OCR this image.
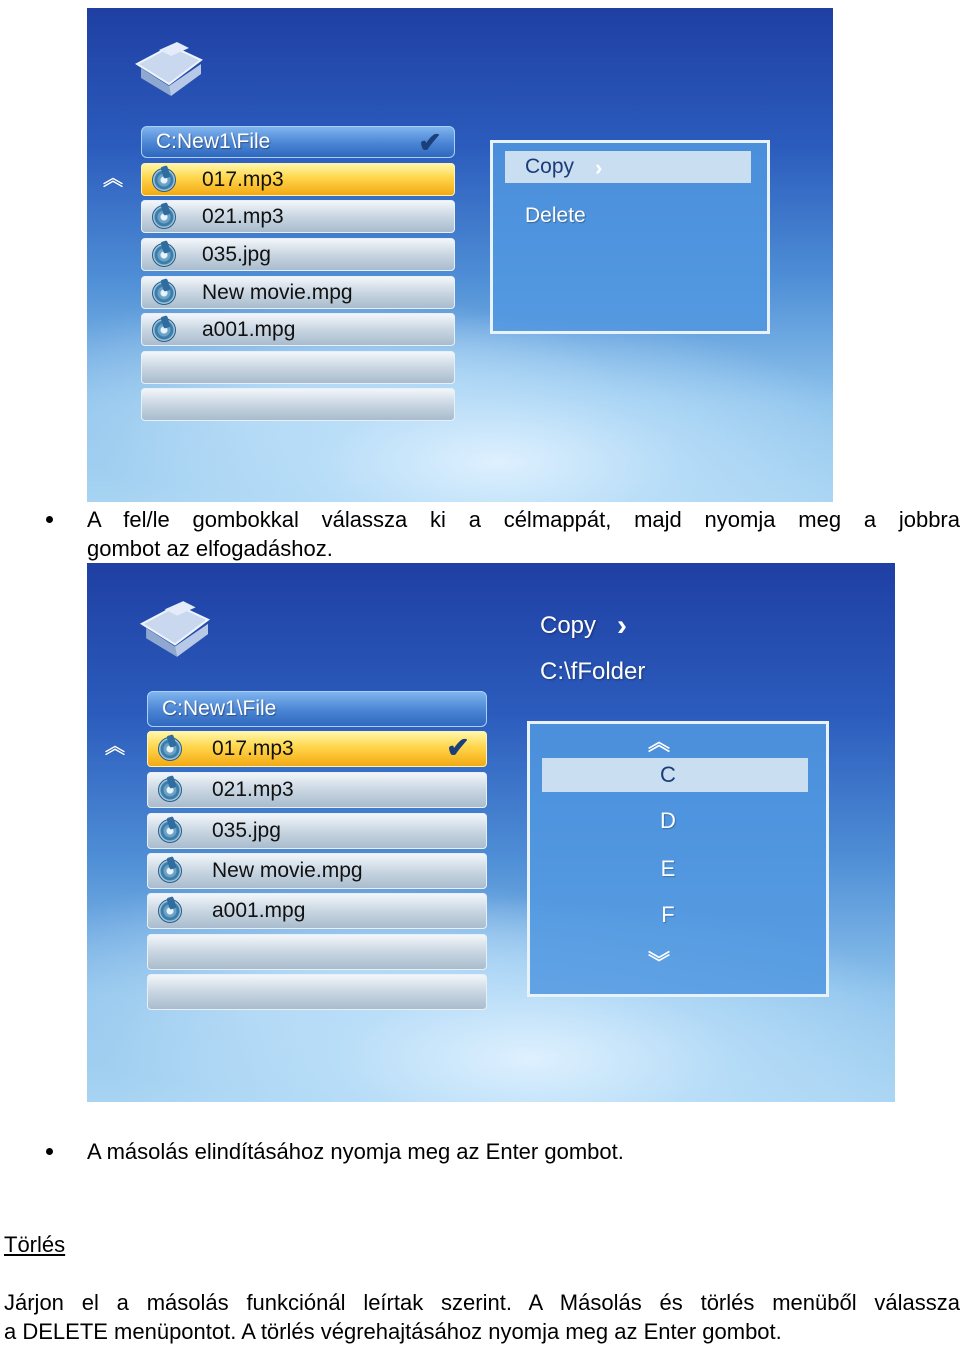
C:New1\File	✔
︽	017.mp3
021.mp3
035.jpg
New movie.mpg
a001.mpg
Copy ›
Delete
A fel/le gombokkal válassza ki a célmappát, majd nyomja meg a jobbra
gombot az elfogadáshoz.
Copy ›
C:\fFolder
C:New1\File
︽	017.mp3	✔
021.mp3
035.jpg
New movie.mpg
a001.mpg
︽
C
D
E
F
︾
A másolás elindításához nyomja meg az Enter gombot.
Törlés
Járjon el a másolás funkciónál leírtak szerint. A Másolás és törlés menüből válassza
a DELETE menüpontot. A törlés végrehajtásához nyomja meg az Enter gombot.
